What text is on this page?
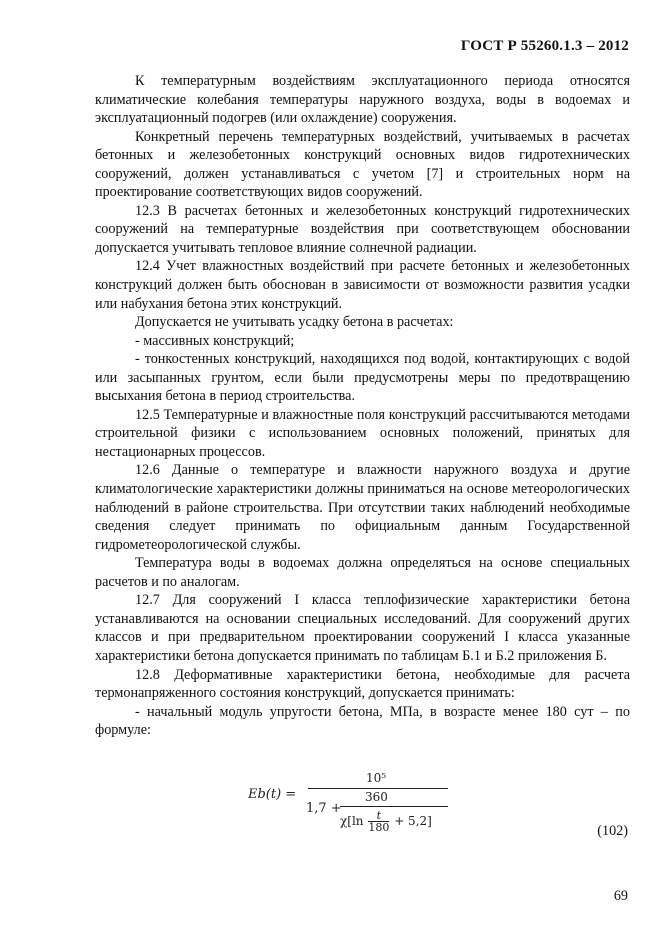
ГОСТ Р 55260.1.3 – 2012

К температурным воздействиям эксплуатационного периода относятся климатические колебания температуры наружного воздуха, воды в водоемах и эксплуатационный подогрев (или охлаждение) сооружения.

Конкретный перечень температурных воздействий, учитываемых в расчетах бетонных и железобетонных конструкций основных видов гидротехнических сооружений, должен устанавливаться с учетом [7] и строительных норм на проектирование соответствующих видов сооружений.

12.3 В расчетах бетонных и железобетонных конструкций гидротехнических сооружений на температурные воздействия при соответствующем обосновании допускается учитывать тепловое влияние солнечной радиации.

12.4 Учет влажностных воздействий при расчете бетонных и железобетонных конструкций должен быть обоснован в зависимости от возможности развития усадки или набухания бетона этих конструкций.

Допускается не учитывать усадку бетона в расчетах:

- массивных конструкций;

- тонкостенных конструкций, находящихся под водой, контактирующих с водой или засыпанных грунтом, если были предусмотрены меры по предотвращению высыхания бетона в период строительства.

12.5 Температурные и влажностные поля конструкций рассчитываются методами строительной физики с использованием основных положений, принятых для нестационарных процессов.

12.6 Данные о температуре и влажности наружного воздуха и другие климатологические характеристики должны приниматься на основе метеорологических наблюдений в районе строительства. При отсутствии таких наблюдений необходимые сведения следует принимать по официальным данным Государственной гидрометеорологической службы.

Температура воды в водоемах должна определяться на основе специальных расчетов и по аналогам.

12.7 Для сооружений I класса теплофизические характеристики бетона устанавливаются на основании специальных исследований. Для сооружений других классов и при предварительном проектировании сооружений I класса указанные характеристики бетона допускается принимать по таблицам Б.1 и Б.2 приложения Б.

12.8 Деформативные характеристики бетона, необходимые для расчета термонапряженного состояния конструкций, допускается принимать:

- начальный модуль упругости бетона, МПа, в возрасте менее 180 сут – по формуле:

Eb(t) =
10⁵
1,7 +
360
$\chi[\ln \frac{t}{180} + 5,2]$
(102)
69
